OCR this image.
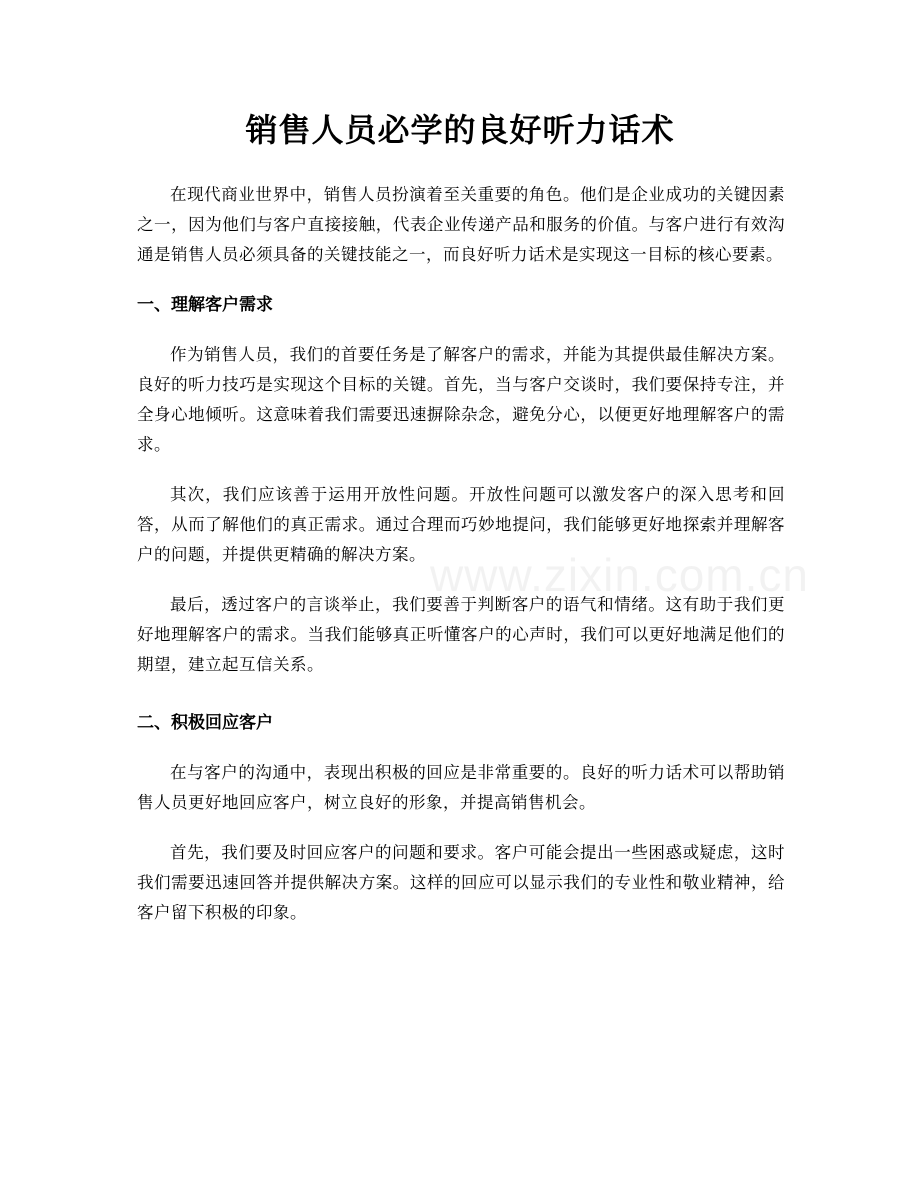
www.zixin.com.cn
销售人员必学的良好听力话术

在现代商业世界中，销售人员扮演着至关重要的角色。他们是企业成功的关键因素之一，因为他们与客户直接接触，代表企业传递产品和服务的价值。与客户进行有效沟通是销售人员必须具备的关键技能之一，而良好听力话术是实现这一目标的核心要素。

一、理解客户需求

作为销售人员，我们的首要任务是了解客户的需求，并能为其提供最佳解决方案。良好的听力技巧是实现这个目标的关键。首先，当与客户交谈时，我们要保持专注，并全身心地倾听。这意味着我们需要迅速摒除杂念，避免分心，以便更好地理解客户的需求。

其次，我们应该善于运用开放性问题。开放性问题可以激发客户的深入思考和回答，从而了解他们的真正需求。通过合理而巧妙地提问，我们能够更好地探索并理解客户的问题，并提供更精确的解决方案。

最后，透过客户的言谈举止，我们要善于判断客户的语气和情绪。这有助于我们更好地理解客户的需求。当我们能够真正听懂客户的心声时，我们可以更好地满足他们的期望，建立起互信关系。

二、积极回应客户

在与客户的沟通中，表现出积极的回应是非常重要的。良好的听力话术可以帮助销售人员更好地回应客户，树立良好的形象，并提高销售机会。

首先，我们要及时回应客户的问题和要求。客户可能会提出一些困惑或疑虑，这时我们需要迅速回答并提供解决方案。这样的回应可以显示我们的专业性和敬业精神，给客户留下积极的印象。
